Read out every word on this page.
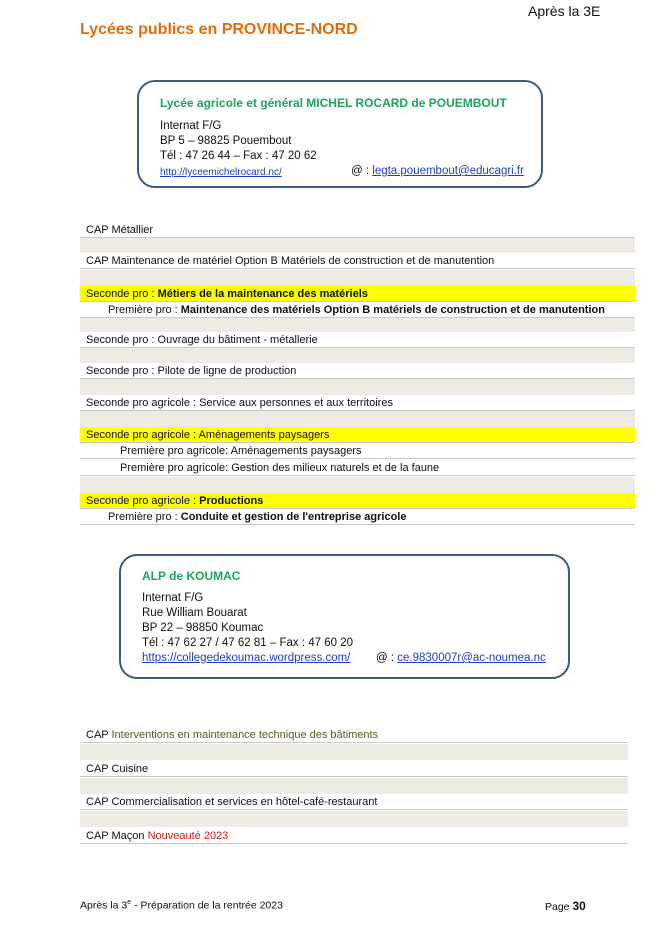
Après la 3E
Lycées publics en PROVINCE-NORD
Lycée agricole et général MICHEL ROCARD de POUEMBOUT
Internat F/G
BP 5 – 98825 Pouembout
Tél : 47 26 44 – Fax : 47 20 62
http://lyceemichelrocard.nc/	@ : legta.pouembout@educagri.fr
CAP Métallier
CAP Maintenance de matériel Option B Matériels de construction et de manutention
Seconde pro : Métiers de la maintenance des matériels
Première pro : Maintenance des matériels Option B matériels de construction et de manutention
Seconde pro : Ouvrage du bâtiment - métallerie
Seconde pro : Pilote de ligne de production
Seconde pro agricole : Service aux personnes et aux territoires
Seconde pro agricole : Aménagements paysagers
Première pro agricole: Aménagements paysagers
Première pro agricole: Gestion des milieux naturels et de la faune
Seconde pro agricole : Productions
Première pro : Conduite et gestion de l'entreprise agricole
ALP de KOUMAC
Internat F/G
Rue William Bouarat
BP 22 – 98850 Koumac
Tél : 47 62 27 / 47 62 81 – Fax : 47 60 20
https://collegedekoumac.wordpress.com/ @ : ce.9830007r@ac-noumea.nc
CAP Interventions en maintenance technique des bâtiments
CAP Cuisine
CAP Commercialisation et services en hôtel-café-restaurant
CAP Maçon Nouveauté 2023
Après la 3e - Préparation de la rentrée 2023	Page 30
